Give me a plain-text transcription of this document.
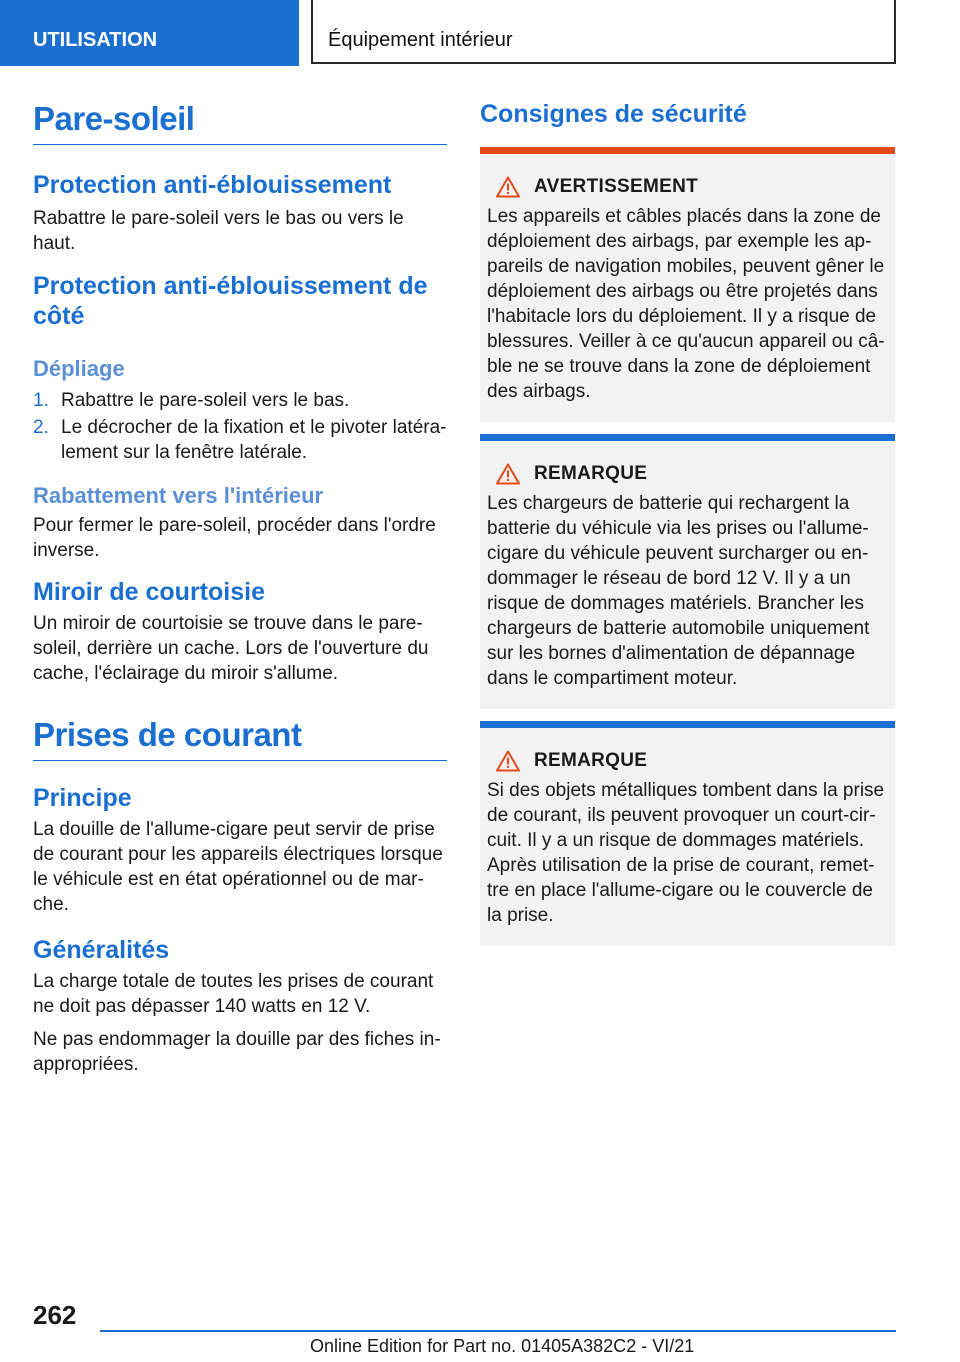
UTILISATION	Équipement intérieur
Pare-soleil
Protection anti-éblouissement
Rabattre le pare-soleil vers le bas ou vers le haut.
Protection anti-éblouissement de côté
Dépliage
1. Rabattre le pare-soleil vers le bas.
2. Le décrocher de la fixation et le pivoter latéralement sur la fenêtre latérale.
Rabattement vers l'intérieur
Pour fermer le pare-soleil, procéder dans l'ordre inverse.
Miroir de courtoisie
Un miroir de courtoisie se trouve dans le pare-soleil, derrière un cache. Lors de l'ouverture du cache, l'éclairage du miroir s'allume.
Prises de courant
Principe
La douille de l'allume-cigare peut servir de prise de courant pour les appareils électriques lorsque le véhicule est en état opérationnel ou de marche.
Généralités
La charge totale de toutes les prises de courant ne doit pas dépasser 140 watts en 12 V.
Ne pas endommager la douille par des fiches inappropriées.
Consignes de sécurité
AVERTISSEMENT
Les appareils et câbles placés dans la zone de déploiement des airbags, par exemple les appareils de navigation mobiles, peuvent gêner le déploiement des airbags ou être projetés dans l'habitacle lors du déploiement. Il y a risque de blessures. Veiller à ce qu'aucun appareil ou câble ne se trouve dans la zone de déploiement des airbags.
REMARQUE
Les chargeurs de batterie qui rechargent la batterie du véhicule via les prises ou l'allume-cigare du véhicule peuvent surcharger ou endommager le réseau de bord 12 V. Il y a un risque de dommages matériels. Brancher les chargeurs de batterie automobile uniquement sur les bornes d'alimentation de dépannage dans le compartiment moteur.
REMARQUE
Si des objets métalliques tombent dans la prise de courant, ils peuvent provoquer un court-circuit. Il y a un risque de dommages matériels. Après utilisation de la prise de courant, remettre en place l'allume-cigare ou le couvercle de la prise.
262
Online Edition for Part no. 01405A382C2 - VI/21
